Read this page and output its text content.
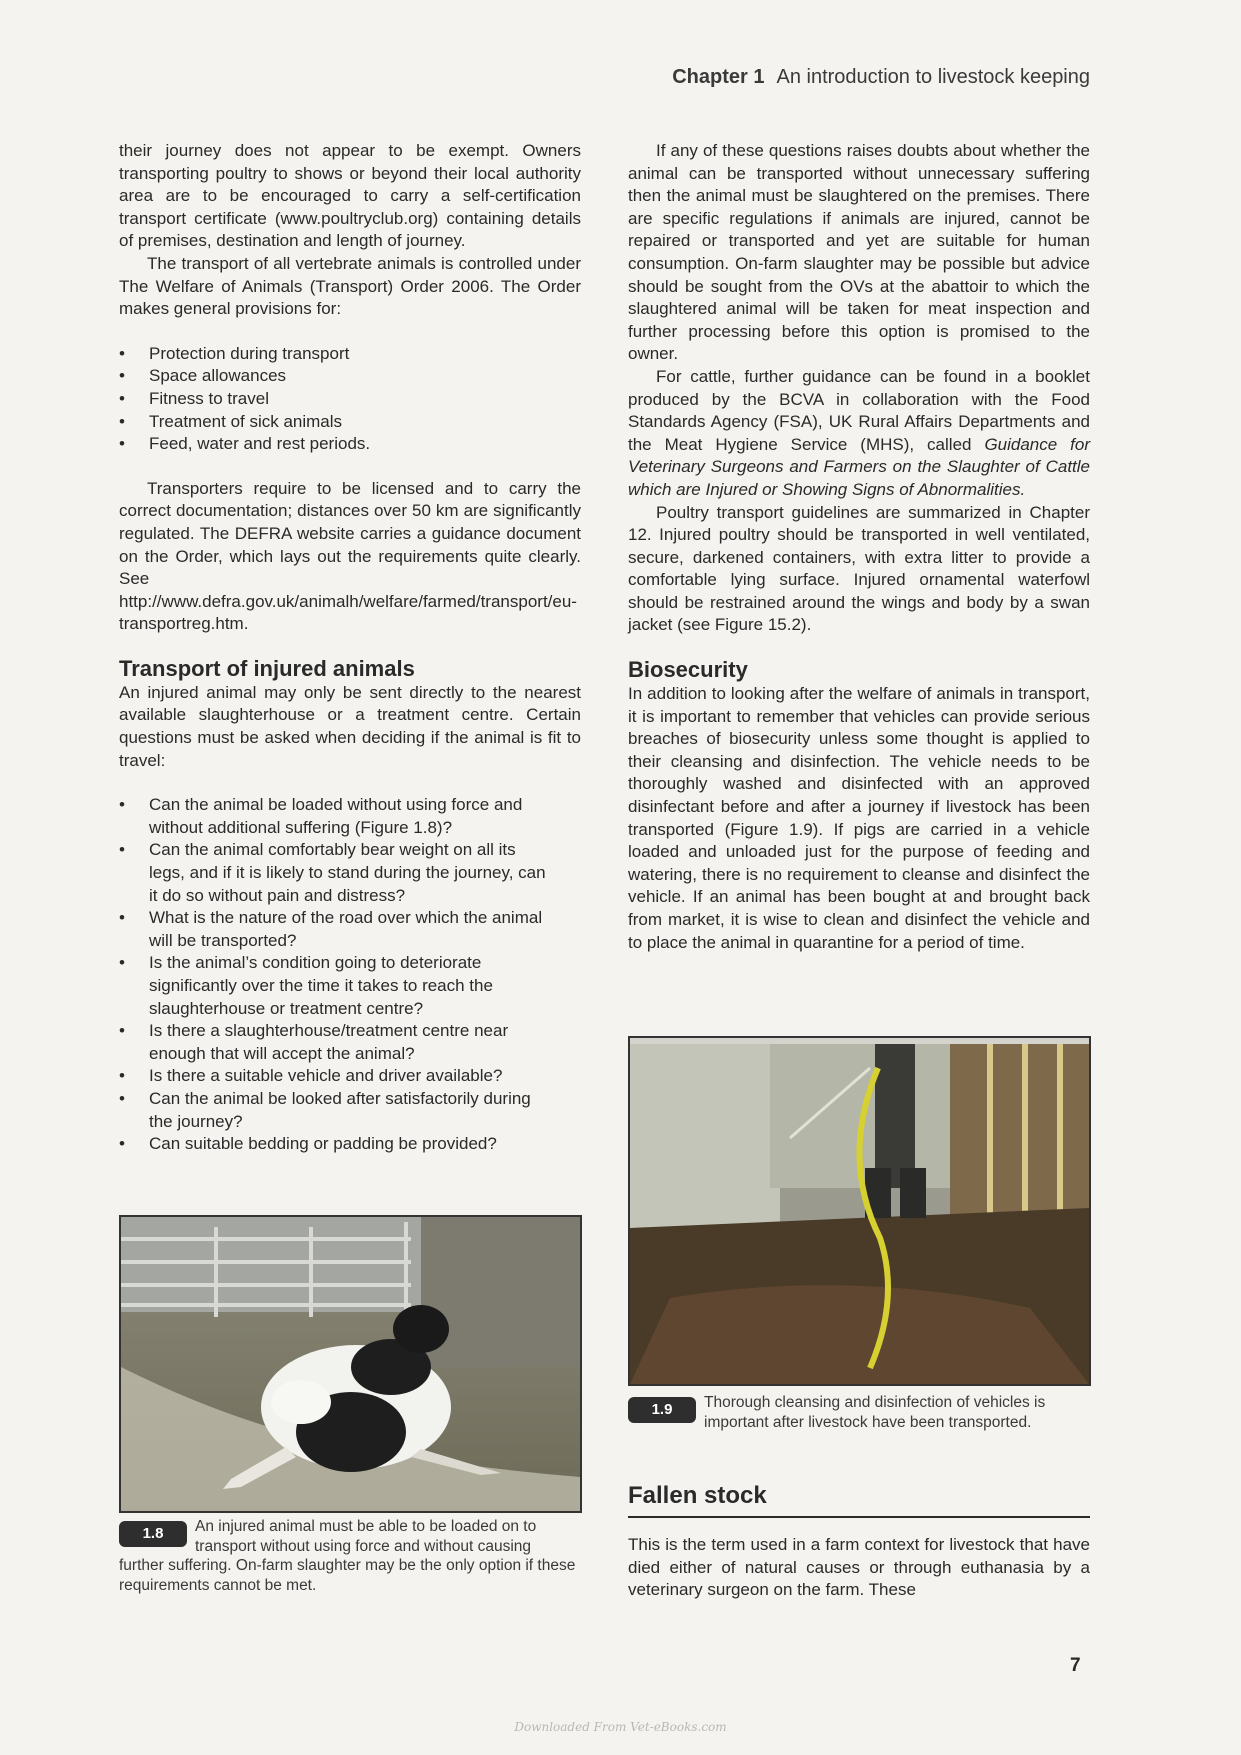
Chapter 1 An introduction to livestock keeping

their journey does not appear to be exempt. Owners transporting poultry to shows or beyond their local authority area are to be encouraged to carry a self-certification transport certificate (www.poultryclub.org) containing details of premises, destination and length of journey.

The transport of all vertebrate animals is controlled under The Welfare of Animals (Transport) Order 2006. The Order makes general provisions for:

• Protection during transport
• Space allowances
• Fitness to travel
• Treatment of sick animals
• Feed, water and rest periods.

Transporters require to be licensed and to carry the correct documentation; distances over 50 km are significantly regulated. The DEFRA website carries a guidance document on the Order, which lays out the requirements quite clearly. See http://www.defra.gov.uk/animalh/welfare/farmed/transport/eu-transportreg.htm.

Transport of injured animals

An injured animal may only be sent directly to the nearest available slaughterhouse or a treatment centre. Certain questions must be asked when deciding if the animal is fit to travel:

• Can the animal be loaded without using force and without additional suffering (Figure 1.8)?
• Can the animal comfortably bear weight on all its legs, and if it is likely to stand during the journey, can it do so without pain and distress?
• What is the nature of the road over which the animal will be transported?
• Is the animal’s condition going to deteriorate significantly over the time it takes to reach the slaughterhouse or treatment centre?
• Is there a slaughterhouse/treatment centre near enough that will accept the animal?
• Is there a suitable vehicle and driver available?
• Can the animal be looked after satisfactorily during the journey?
• Can suitable bedding or padding be provided?
1.8	An injured animal must be able to be loaded on to transport without using force and without causing further suffering. On-farm slaughter may be the only option if these requirements cannot be met.

If any of these questions raises doubts about whether the animal can be transported without unnecessary suffering then the animal must be slaughtered on the premises. There are specific regulations if animals are injured, cannot be repaired or transported and yet are suitable for human consumption. On-farm slaughter may be possible but advice should be sought from the OVs at the abattoir to which the slaughtered animal will be taken for meat inspection and further processing before this option is promised to the owner.

For cattle, further guidance can be found in a booklet produced by the BCVA in collaboration with the Food Standards Agency (FSA), UK Rural Affairs Departments and the Meat Hygiene Service (MHS), called Guidance for Veterinary Surgeons and Farmers on the Slaughter of Cattle which are Injured or Showing Signs of Abnormalities.

Poultry transport guidelines are summarized in Chapter 12. Injured poultry should be transported in well ventilated, secure, darkened containers, with extra litter to provide a comfortable lying surface. Injured ornamental waterfowl should be restrained around the wings and body by a swan jacket (see Figure 15.2).

Biosecurity

In addition to looking after the welfare of animals in transport, it is important to remember that vehicles can provide serious breaches of biosecurity unless some thought is applied to their cleansing and disinfection. The vehicle needs to be thoroughly washed and disinfected with an approved disinfectant before and after a journey if livestock has been transported (Figure 1.9). If pigs are carried in a vehicle loaded and unloaded just for the purpose of feeding and watering, there is no requirement to cleanse and disinfect the vehicle. If an animal has been bought at and brought back from market, it is wise to clean and disinfect the vehicle and to place the animal in quarantine for a period of time.

1.9	Thorough cleansing and disinfection of vehicles is important after livestock have been transported.
Fallen stock

This is the term used in a farm context for livestock that have died either of natural causes or through euthanasia by a veterinary surgeon on the farm. These

7
Downloaded From Vet-eBooks.com
